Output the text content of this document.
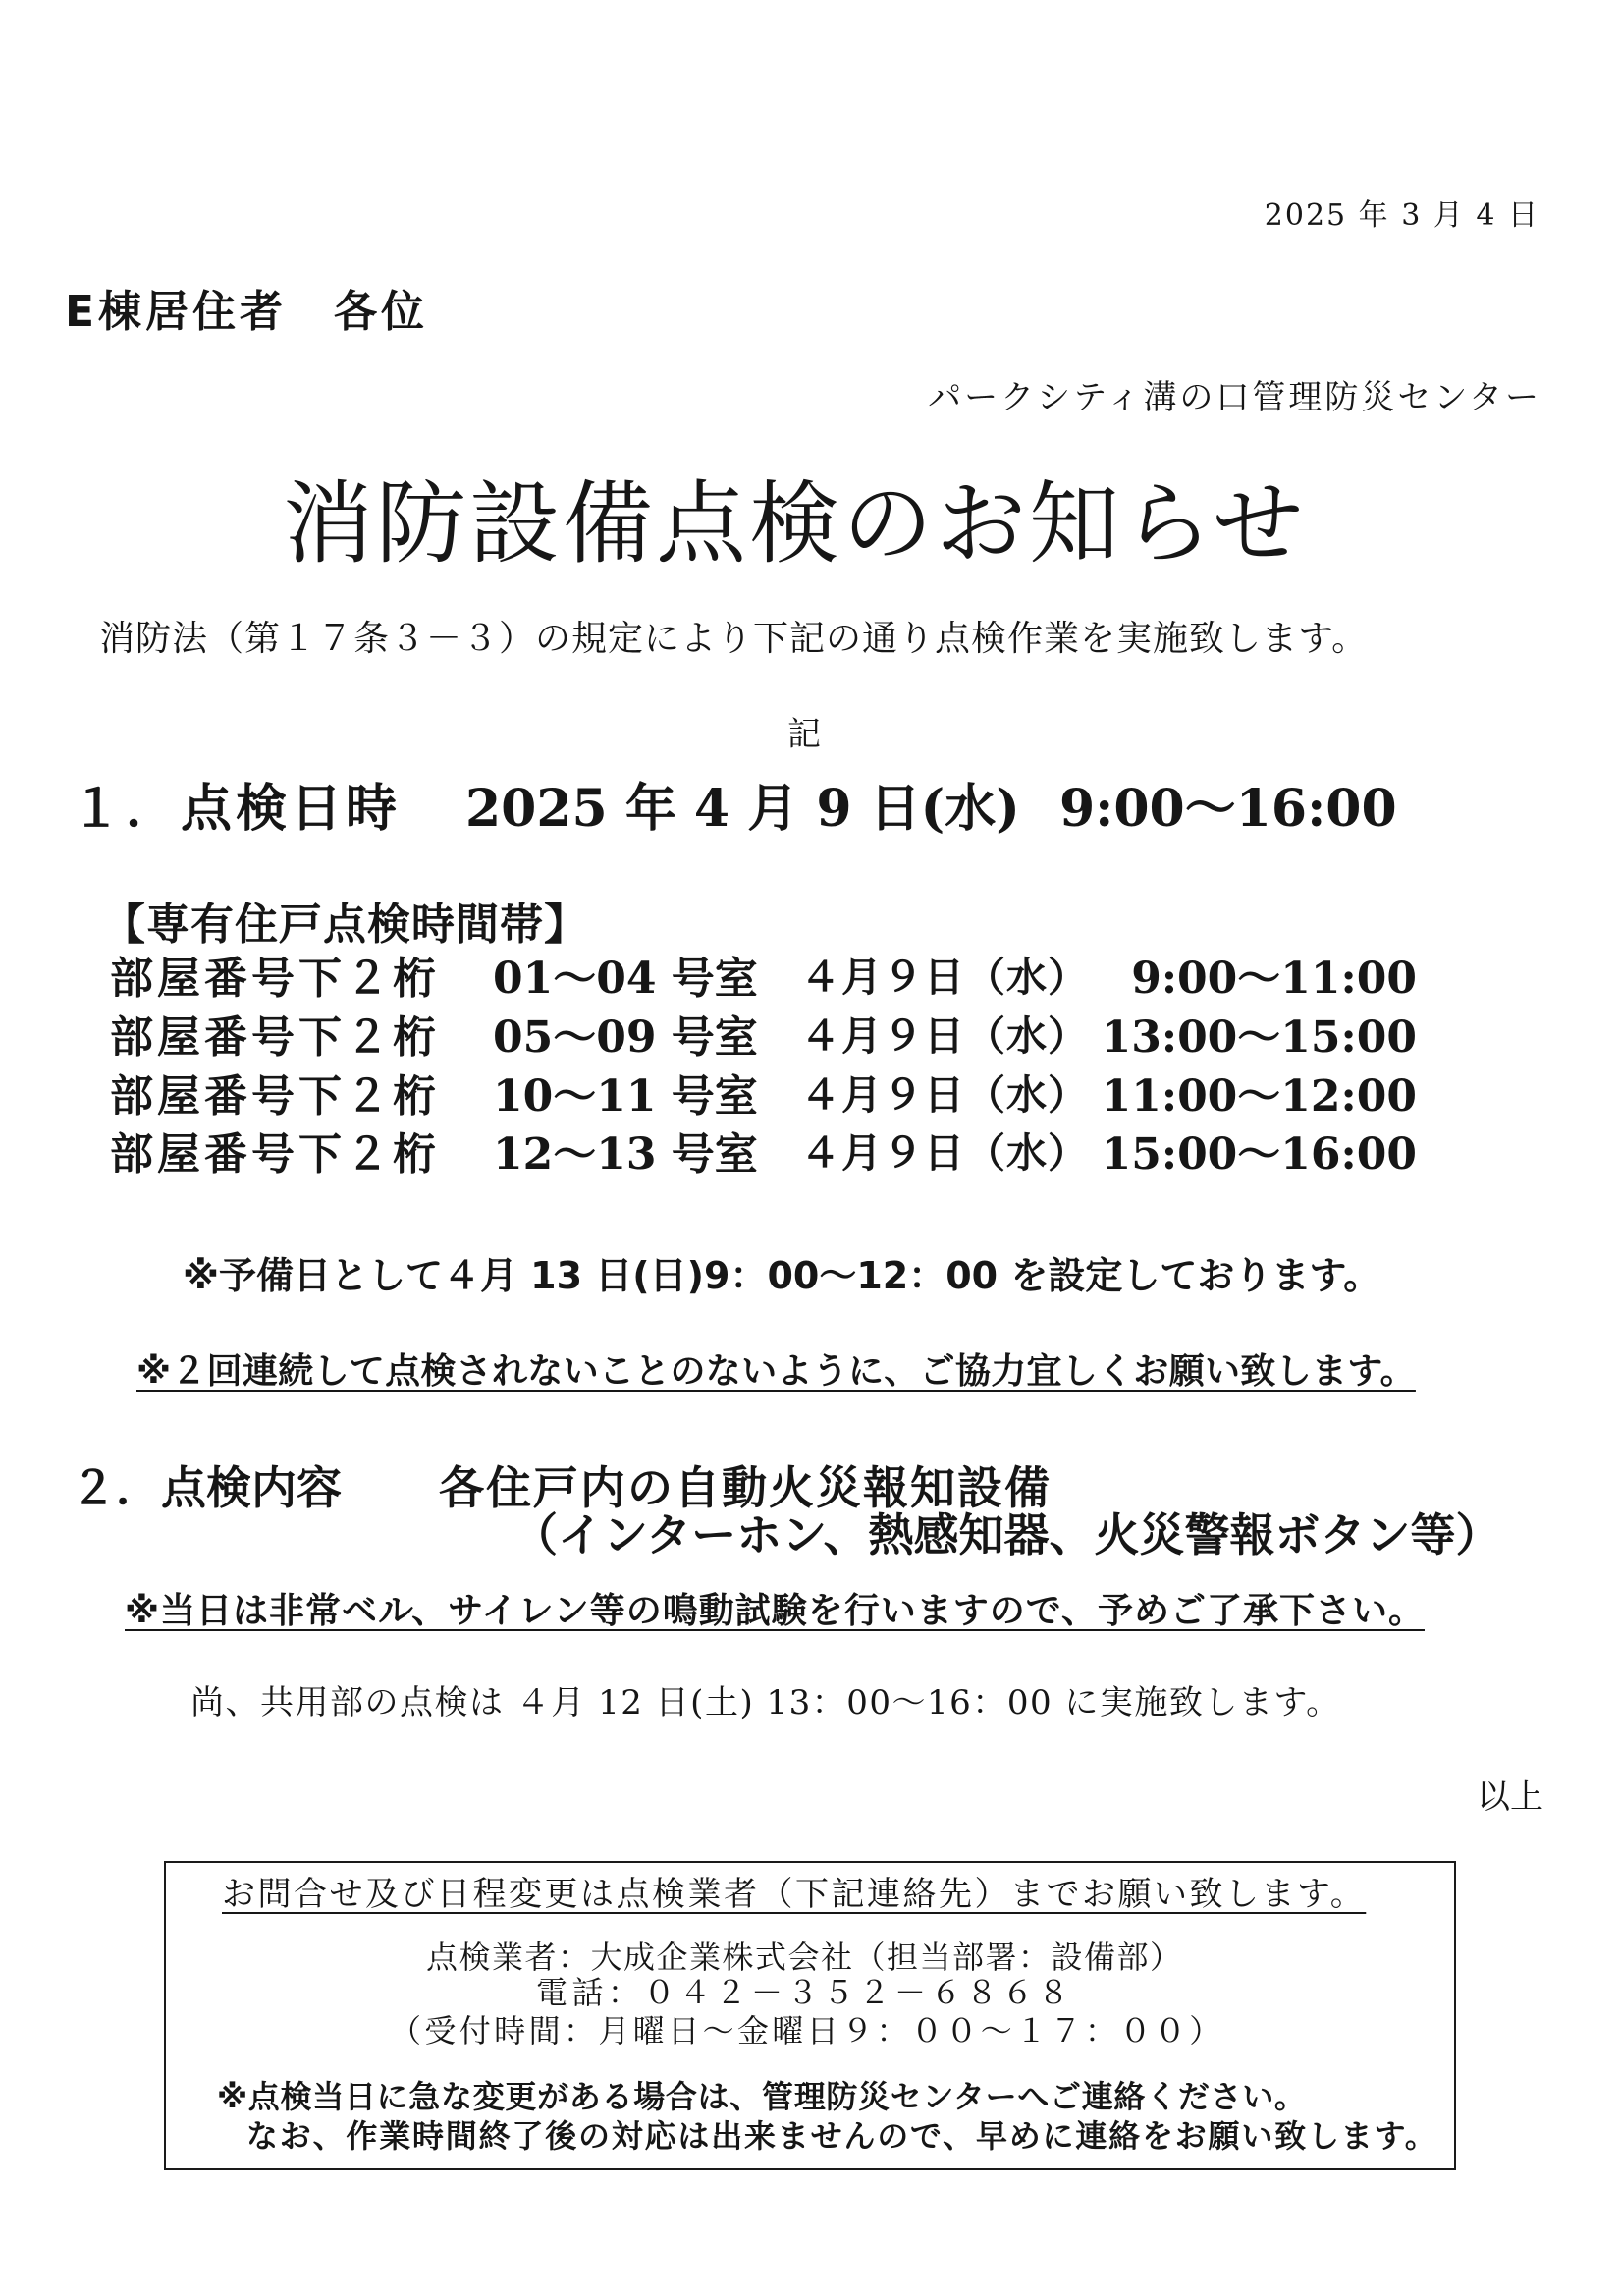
2025 年 3 月 4 日
E棟居住者　各位
パークシティ溝の口管理防災センター
消防設備点検のお知らせ
消防法（第１７条３－３）の規定により下記の通り点検作業を実施致します。
記
１．点検日時 2025 年 4 月 9 日(水) 9:00～16:00
【専有住戸点検時間帯】
部屋番号下２桁 01～04 号室 ４月９日（水） 9:00～11:00
部屋番号下２桁 05～09 号室 ４月９日（水） 13:00～15:00
部屋番号下２桁 10～11 号室 ４月９日（水） 11:00～12:00
部屋番号下２桁 12～13 号室 ４月９日（水） 15:00～16:00
※予備日として４月 13 日(日)9：00～12：00 を設定しております。
※２回連続して点検されないことのないように、ご協力宜しくお願い致します。
２．点検内容 各住戸内の自動火災報知設備
（インターホン、熱感知器、火災警報ボタン等）
※当日は非常ベル、サイレン等の鳴動試験を行いますので、予めご了承下さい。
尚、共用部の点検は ４月 12 日(土) 13：00～16：00 に実施致します。
以上
お問合せ及び日程変更は点検業者（下記連絡先）までお願い致します。
点検業者：大成企業株式会社（担当部署：設備部）
電話：０４２－３５２－６８６８
（受付時間：月曜日～金曜日９：００～１７：００）
※点検当日に急な変更がある場合は、管理防災センターへご連絡ください。
なお、作業時間終了後の対応は出来ませんので、早めに連絡をお願い致します。
